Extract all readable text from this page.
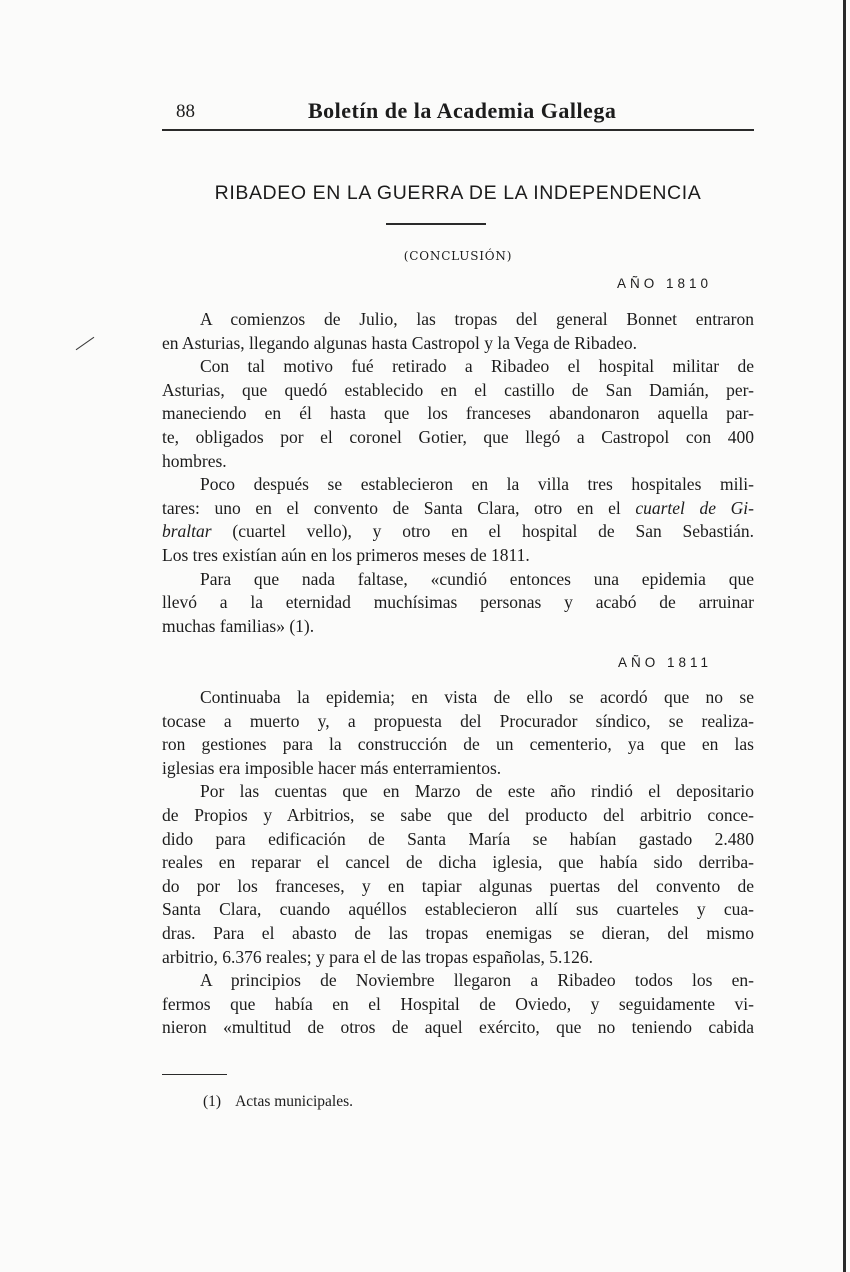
88	Boletín de la Academia Gallega
RIBADEO EN LA GUERRA DE LA INDEPENDENCIA
(CONCLUSIÓN)
AÑO 1810
A comienzos de Julio, las tropas del general Bonnet entraron
en Asturias, llegando algunas hasta Castropol y la Vega de Ribadeo.
Con tal motivo fué retirado a Ribadeo el hospital militar de
Asturias, que quedó establecido en el castillo de San Damián, per-
maneciendo en él hasta que los franceses abandonaron aquella par-
te, obligados por el coronel Gotier, que llegó a Castropol con 400
hombres.
Poco después se establecieron en la villa tres hospitales mili-
tares: uno en el convento de Santa Clara, otro en el cuartel de Gi-
braltar (cuartel vello), y otro en el hospital de San Sebastián.
Los tres existían aún en los primeros meses de 1811.
Para que nada faltase, «cundió entonces una epidemia que
llevó a la eternidad muchísimas personas y acabó de arruinar
muchas familias» (1).
AÑO 1811
Continuaba la epidemia; en vista de ello se acordó que no se
tocase a muerto y, a propuesta del Procurador síndico, se realiza-
ron gestiones para la construcción de un cementerio, ya que en las
iglesias era imposible hacer más enterramientos.
Por las cuentas que en Marzo de este año rindió el depositario
de Propios y Arbitrios, se sabe que del producto del arbitrio conce-
dido para edificación de Santa María se habían gastado 2.480
reales en reparar el cancel de dicha iglesia, que había sido derriba-
do por los franceses, y en tapiar algunas puertas del convento de
Santa Clara, cuando aquéllos establecieron allí sus cuarteles y cua-
dras. Para el abasto de las tropas enemigas se dieran, del mismo
arbitrio, 6.376 reales; y para el de las tropas españolas, 5.126.
A principios de Noviembre llegaron a Ribadeo todos los en-
fermos que había en el Hospital de Oviedo, y seguidamente vi-
nieron «multitud de otros de aquel exército, que no teniendo cabida
(1) Actas municipales.
